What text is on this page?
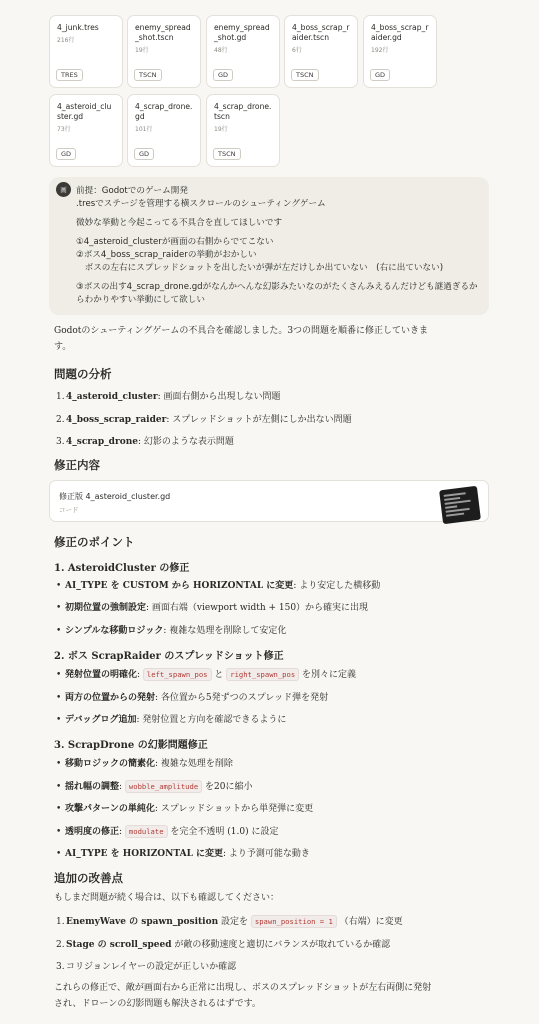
4_junk.tres
216行
TRES
enemy_spread_shot.tscn
19行
TSCN
enemy_spread_shot.gd
48行
GD
4_boss_scrap_raider.tscn
6行
TSCN
4_boss_scrap_raider.gd
192行
GD
4_asteroid_cluster.gd
73行
GD
4_scrap_drone.gd
101行
GD
4_scrap_drone.tscn
19行
TSCN
画	前提：Godotでのゲーム開発
.tresでステージを管理する横スクロールのシューティングゲーム
微妙な挙動と今起こってる不具合を直してほしいです
①4_asteroid_clusterが画面の右側からでてこない
②ボス4_boss_scrap_raiderの挙動がおかしい
　ボスの左右にスプレッドショットを出したいが弾が左だけしか出ていない　(右に出ていない)
③ボスの出す4_scrap_drone.gdがなんかへんな幻影みたいなのがたくさんみえるんだけども謎過ぎるか
らわかりやすい挙動にして欲しい
Godotのシューティングゲームの不具合を確認しました。3つの問題を順番に修正していきま
す。
問題の分析
1.4_asteroid_cluster: 画面右側から出現しない問題
2.4_boss_scrap_raider: スプレッドショットが左側にしか出ない問題
3.4_scrap_drone: 幻影のような表示問題
修正内容
修正版 4_asteroid_cluster.gd
コード
修正のポイント
1. AsteroidCluster の修正
• AI_TYPE を CUSTOM から HORIZONTAL に変更: より安定した横移動
• 初期位置の強制設定: 画面右端（viewport width + 150）から確実に出現
• シンプルな移動ロジック: 複雑な処理を削除して安定化
2. ボス ScrapRaider のスプレッドショット修正
• 発射位置の明確化: left_spawn_pos と right_spawn_pos を別々に定義
• 両方の位置からの発射: 各位置から5発ずつのスプレッド弾を発射
• デバッグログ追加: 発射位置と方向を確認できるように
3. ScrapDrone の幻影問題修正
• 移動ロジックの簡素化: 複雑な処理を削除
• 揺れ幅の調整: wobble_amplitude を20に縮小
• 攻撃パターンの単純化: スプレッドショットから単発弾に変更
• 透明度の修正: modulate を完全不透明 (1.0) に設定
• AI_TYPE を HORIZONTAL に変更: より予測可能な動き
追加の改善点
もしまだ問題が続く場合は、以下も確認してください：
1.EnemyWave の spawn_position 設定を spawn_position = 1 （右端）に変更
2.Stage の scroll_speed が敵の移動速度と適切にバランスが取れているか確認
3.コリジョンレイヤーの設定が正しいか確認
これらの修正で、敵が画面右から正常に出現し、ボスのスプレッドショットが左右両側に発射
され、ドローンの幻影問題も解決されるはずです。
